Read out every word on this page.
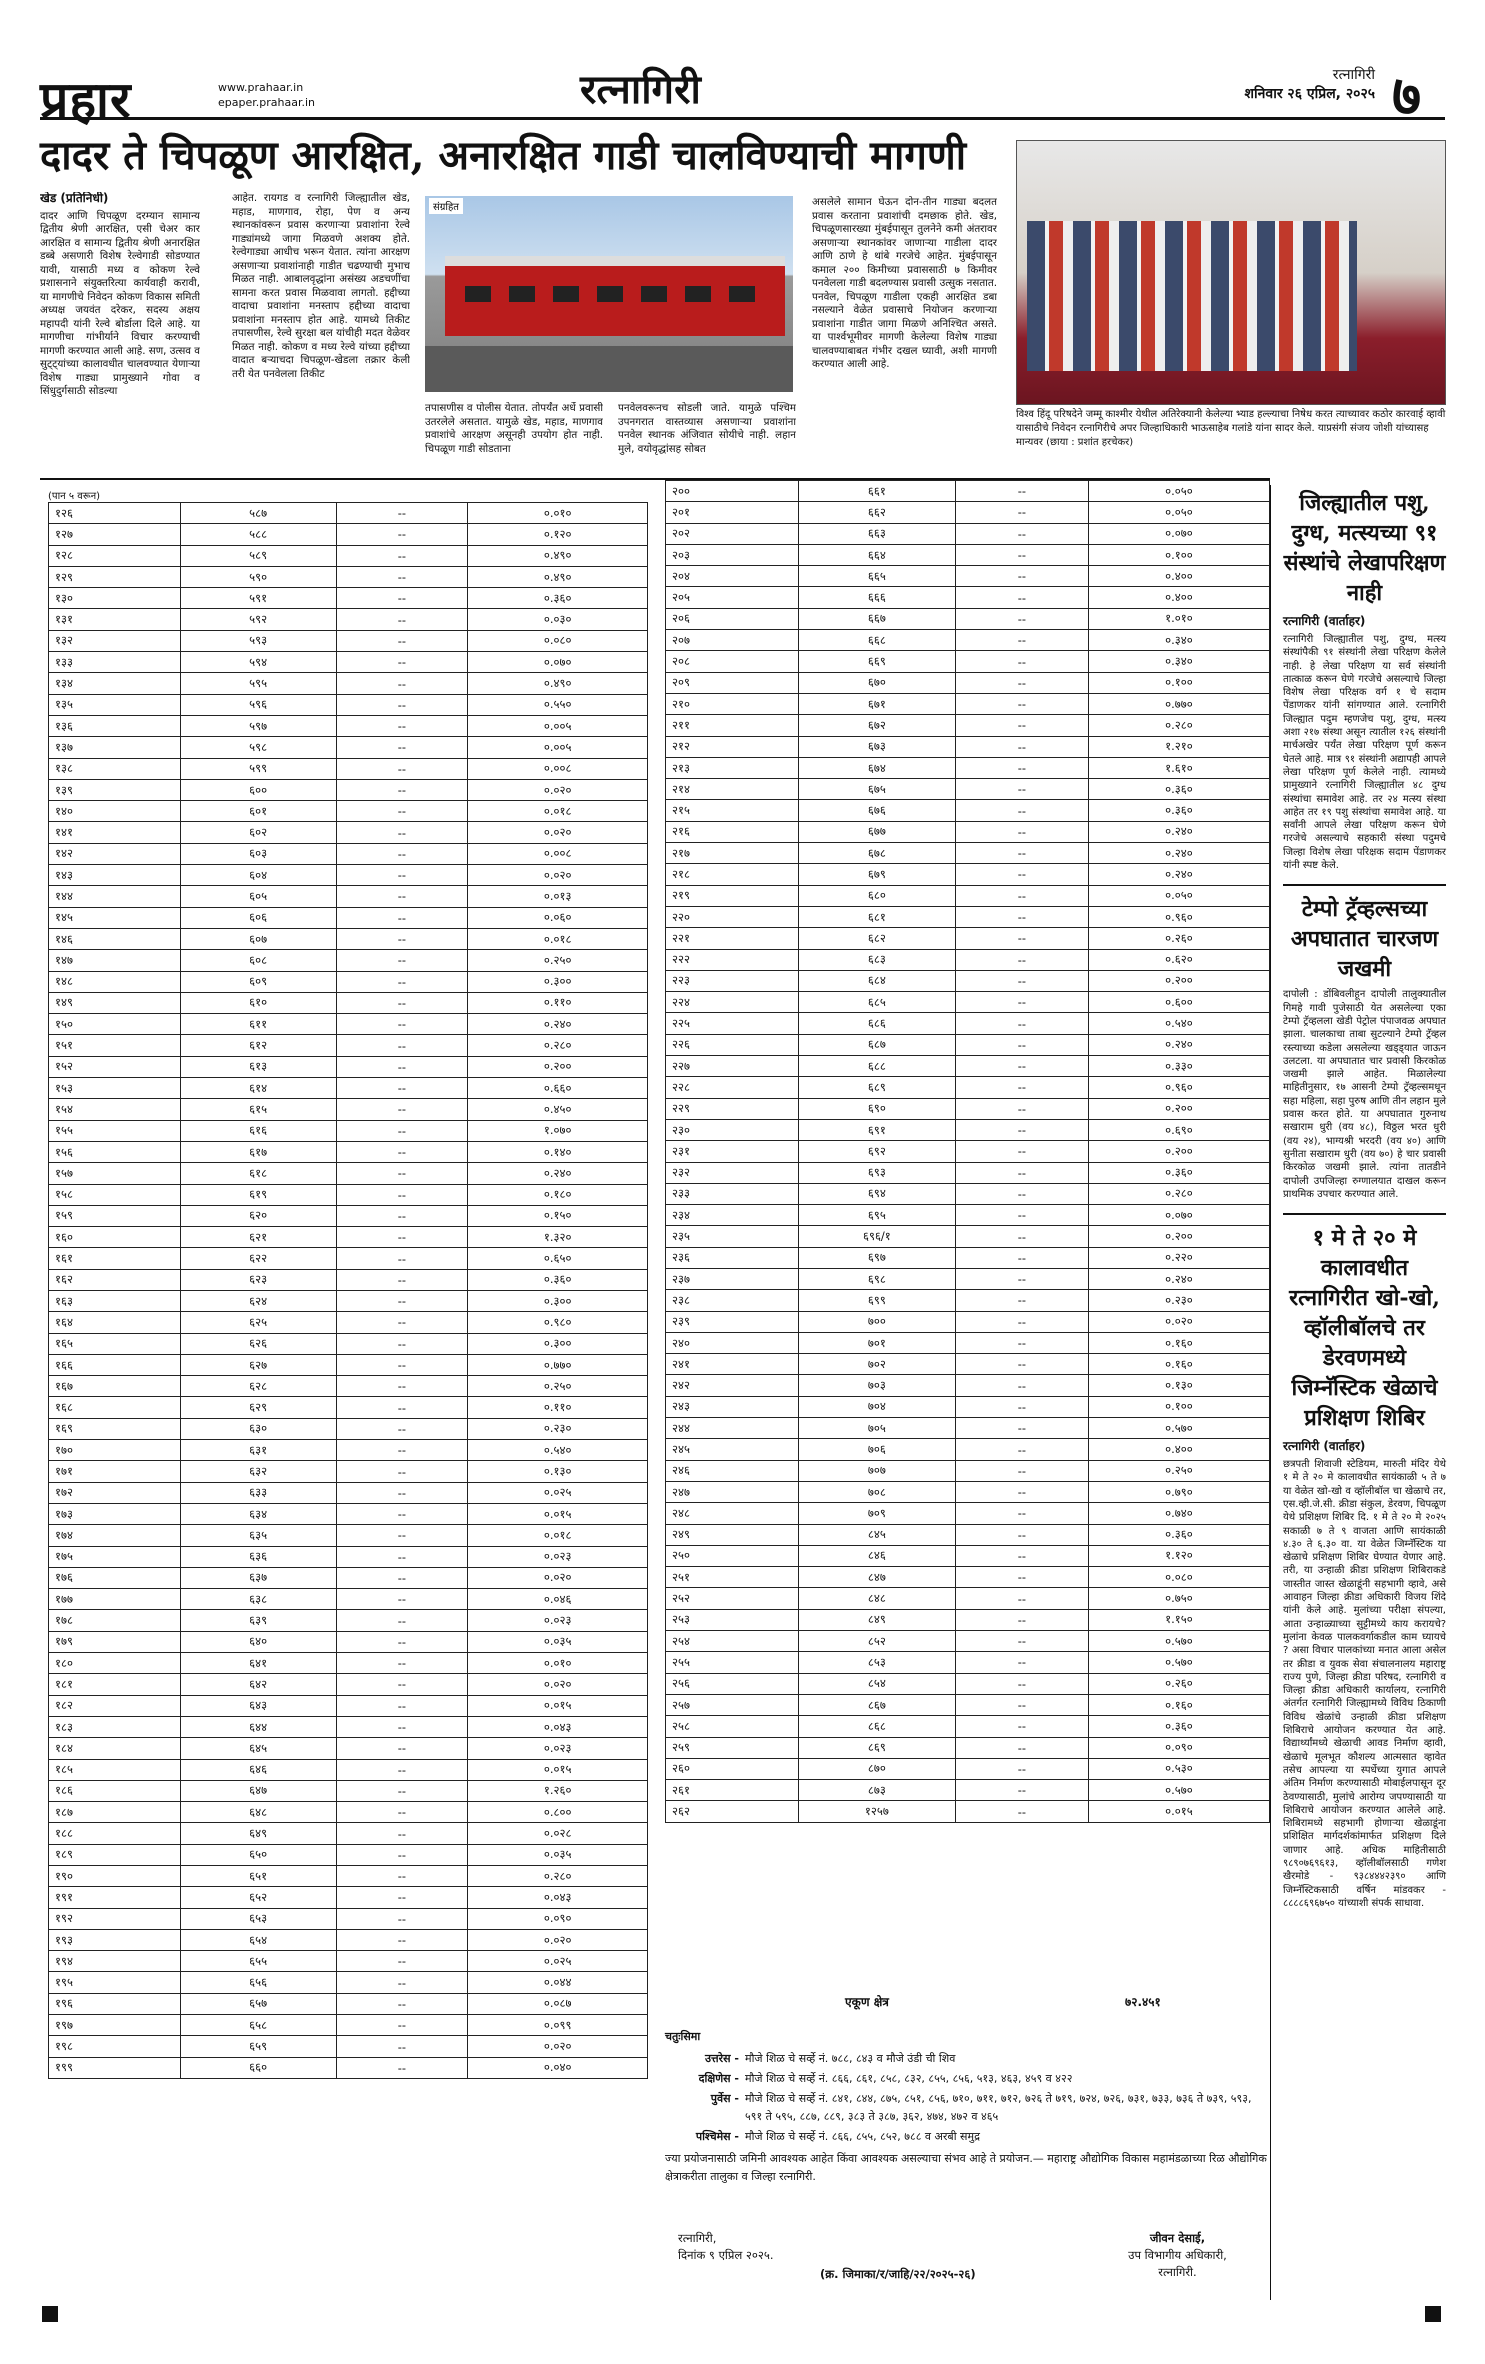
प्रहार	www.prahaar.in
epaper.prahaar.in	रत्नागिरी	रत्नागिरी
शनिवार २६ एप्रिल, २०२५ ७
दादर ते चिपळूण आरक्षित, अनारक्षित गाडी चालविण्याची मागणी
खेड (प्रतिनिधी)
दादर आणि चिपळूण दरम्यान सामान्य द्वितीय श्रेणी आरक्षित, एसी चेअर कार आरक्षित व सामान्य द्वितीय श्रेणी अनारक्षित डब्बे असणारी विशेष रेल्वेगाडी सोडण्यात यावी, यासाठी मध्य व कोकण रेल्वे प्रशासनाने संयुक्तरित्या कार्यवाही करावी, या मागणीचे निवेदन कोकण विकास समिती अध्यक्ष जयवंत दरेकर, सदस्य अक्षय महापदी यांनी रेल्वे बोर्डाला दिले आहे. या मागणीचा गांभीर्याने विचार करण्याची मागणी करण्यात आली आहे. सण, उत्सव व सुट्ट्यांच्या कालावधीत चालवण्यात येणाऱ्या विशेष गाड्या प्रामुख्याने गोवा व सिंधुदुर्गसाठी सोडल्या
आहेत. रायगड व रत्नागिरी जिल्ह्यातील खेड, महाड, माणगाव, रोहा, पेण व अन्य स्थानकांवरून प्रवास करणाऱ्या प्रवाशांना रेल्वे गाड्यांमध्ये जागा मिळवणे अशक्य होते. रेल्वेगाड्या आधीच भरून येतात. त्यांना आरक्षण असणाऱ्या प्रवाशांनाही गाडीत चढण्याची मुभाच मिळत नाही. आबालवृद्धांना असंख्य अडचणींचा सामना करत प्रवास मिळवावा लागतो. हद्दीच्या वादाचा प्रवाशांना मनस्ताप हद्दीच्या वादाचा प्रवाशांना मनस्ताप होत आहे. यामध्ये तिकीट तपासणीस, रेल्वे सुरक्षा बल यांचीही मदत वेळेवर मिळत नाही. कोकण व मध्य रेल्वे यांच्या हद्दीच्या वादात बऱ्याचदा चिपळूण-खेडला तक्रार केली तरी येत पनवेलला तिकीट
संग्रहित
तपासणीस व पोलीस येतात. तोपर्यंत अर्धे प्रवासी उतरलेले असतात. यामुळे खेड, महाड, माणगाव प्रवाशांचे आरक्षण असूनही उपयोग होत नाही. चिपळूण गाडी सोडताना
पनवेलवरूनच सोडली जाते. यामुळे पश्चिम उपनगरात वास्तव्यास असणाऱ्या प्रवाशांना पनवेल स्थानक अंजिवात सोयीचे नाही. लहान मुले, वयोवृद्धांसह सोबत
असलेले सामान घेऊन दोन-तीन गाड्या बदलत प्रवास करताना प्रवाशांची दमछाक होते. खेड, चिपळूणसारख्या मुंबईपासून तुलनेने कमी अंतरावर असणाऱ्या स्थानकांवर जाणाऱ्या गाडीला दादर आणि ठाणे हे थांबे गरजेचे आहेत. मुंबईपासून कमाल २०० किमीच्या प्रवाससाठी ७ किमीवर पनवेलला गाडी बदलण्यास प्रवासी उत्सुक नसतात. पनवेल, चिपळूण गाडीला एकही आरक्षित डबा नसल्याने वेळेत प्रवासाचे नियोजन करणाऱ्या प्रवाशांना गाडीत जागा मिळणे अनिश्चित असते. या पार्श्वभूमीवर मागणी केलेल्या विशेष गाड्या चालवण्याबाबत गंभीर दखल घ्यावी, अशी मागणी करण्यात आली आहे.
विश्व हिंदू परिषदेने जम्मू काश्मीर येथील अतिरेक्यानी केलेल्या भ्याड हल्ल्याचा निषेध करत त्याच्यावर कठोर कारवाई व्हावी यासाठीचे निवेदन रत्नागिरीचे अपर जिल्हाधिकारी भाऊसाहेब गलांडे यांना सादर केले. याप्रसंगी संजय जोशी यांच्यासह मान्यवर (छाया : प्रशांत हरचेकर)
जिल्ह्यातील पशु, दुग्ध, मत्स्यच्या ९१ संस्थांचे लेखापरिक्षण नाही
रत्नागिरी (वार्ताहर)

रत्नागिरी जिल्ह्यातील पशु, दुग्ध, मत्स्य संस्थांपैकी ९१ संस्थांनी लेखा परिक्षण केलेले नाही. हे लेखा परिक्षण या सर्व संस्थांनी तात्काळ करून घेणे गरजेचे असल्याचे जिल्हा विशेष लेखा परिक्षक वर्ग १ चे सदाम पेंडाणकर यांनी सांगण्यात आले. रत्नागिरी जिल्ह्यात पदुम म्हणजेच पशु, दुग्ध, मत्स्य अशा २१७ संस्था असून त्यातील १२६ संस्थांनी मार्चअखेर पर्यंत लेखा परिक्षण पूर्ण करून घेतले आहे. मात्र ९१ संस्थांनी अद्यापही आपले लेखा परिक्षण पूर्ण केलेले नाही. त्यामध्ये प्रामुख्याने रत्नागिरी जिल्ह्यातील ४८ दुग्ध संस्थांचा समावेश आहे. तर २४ मत्स्य संस्था आहेत तर १९ पशु संस्थांचा समावेश आहे. या सर्वांनी आपले लेखा परिक्षण करून घेणे गरजेचे असल्याचे सहकारी संस्था पदुमचे जिल्हा विशेष लेखा परिक्षक सदाम पेंडाणकर यांनी स्पष्ट केले.

टेम्पो ट्रॅव्हल्सच्या अपघातात चारजण जखमी

दापोली : डोंबिवलीहून दापोली तालुक्यातील गिमहे गावी पुजेसाठी येत असलेल्या एका टेम्पो ट्रॅव्हलला खेडी पेट्रोल पंपाजवळ अपघात झाला. चालकाचा ताबा सुटल्याने टेम्पो ट्रॅव्हल रस्त्याच्या कडेला असलेल्या खड्ड्यात जाऊन उलटला. या अपघातात चार प्रवासी किरकोळ जखमी झाले आहेत. मिळालेल्या माहितीनुसार, १७ आसनी टेम्पो ट्रॅव्हल्समधून सहा महिला, सहा पुरुष आणि तीन लहान मुले प्रवास करत होते. या अपघातात गुरुनाथ सखाराम धुरी (वय ४८), विठ्ठल भरत धुरी (वय २४), भाग्यश्री भरदरी (वय ४०) आणि सुनीता सखाराम धुरी (वय ७०) हे चार प्रवासी किरकोळ जखमी झाले. त्यांना तातडीने दापोली उपजिल्हा रुग्णालयात दाखल करून प्राथमिक उपचार करण्यात आले.

१ मे ते २० मे कालावधीत रत्नागिरीत खो-खो, व्हॉलीबॉलचे तर डेरवणमध्ये जिम्नॅस्टिक खेळाचे प्रशिक्षण शिबिर
रत्नागिरी (वार्ताहर)

छत्रपती शिवाजी स्टेडियम, मारुती मंदिर येथे १ मे ते २० मे कालावधीत सायंकाळी ५ ते ७ या वेळेत खो-खो व व्हॉलीबॉल चा खेळाचे तर, एस.व्ही.जे.सी. क्रीडा संकुल, डेरवण, चिपळूण येथे प्रशिक्षण शिबिर दि. १ मे ते २० मे २०२५ सकाळी ७ ते ९ वाजता आणि सायंकाळी ४.३० ते ६.३० वा. या वेळेत जिम्नॅस्टिक या खेळाचे प्रशिक्षण शिबिर घेण्यात येणार आहे. तरी, या उन्हाळी क्रीडा प्रशिक्षण शिबिराकडे जास्तीत जास्त खेळाडूंनी सहभागी व्हावे, असे आवाहन जिल्हा क्रीडा अधिकारी विजय शिंदे यांनी केले आहे. मुलांच्या परीक्षा संपल्या, आता उन्हाळ्याच्या सुट्टीमध्ये काय करायचे? मुलांना केवळ पालकवर्गाकडील काम घ्यायचे ? असा विचार पालकांच्या मनात आला असेल तर क्रीडा व युवक सेवा संचालनालय महाराष्ट्र राज्य पुणे, जिल्हा क्रीडा परिषद, रत्नागिरी व जिल्हा क्रीडा अधिकारी कार्यालय, रत्नागिरी अंतर्गत रत्नागिरी जिल्ह्यामध्ये विविध ठिकाणी विविध खेळांचे उन्हाळी क्रीडा प्रशिक्षण शिबिराचे आयोजन करण्यात येत आहे. विद्यार्थ्यांमध्ये खेळाची आवड निर्माण व्हावी, खेळाचे मूलभूत कौशल्य आत्मसात व्हावेत तसेच आपल्या या स्पर्धेच्या युगात आपले अंतिम निर्माण करण्यासाठी मोबाईलपासून दूर ठेवण्यासाठी, मुलांचे आरोग्य जपण्यासाठी या शिबिराचे आयोजन करण्यात आलेले आहे. शिबिरामध्ये सहभागी होणाऱ्या खेळाडूंना प्रशिक्षित मार्गदर्शकांमार्फत प्रशिक्षण दिले जाणार आहे. अधिक माहितीसाठी ९८९०७६९६१३, व्हॉलीबॉलसाठी गणेश खैरमोडे - ९३८४४४२३९० आणि जिम्नॅस्टिकसाठी वर्षिन मांडवकर - ८८८८६९६७५० यांच्याशी संपर्क साधावा.

(पान ५ वरून)
१२६	५८७	--	०.०१०
१२७	५८८	--	०.१२०
१२८	५८९	--	०.४९०
१२९	५९०	--	०.४९०
१३०	५९१	--	०.३६०
१३१	५९२	--	०.०३०
१३२	५९३	--	०.०८०
१३३	५९४	--	०.०७०
१३४	५९५	--	०.४९०
१३५	५९६	--	०.५५०
१३६	५९७	--	०.००५
१३७	५९८	--	०.००५
१३८	५९९	--	०.००८
१३९	६००	--	०.०२०
१४०	६०१	--	०.०१८
१४१	६०२	--	०.०२०
१४२	६०३	--	०.००८
१४३	६०४	--	०.०२०
१४४	६०५	--	०.०१३
१४५	६०६	--	०.०६०
१४६	६०७	--	०.०१८
१४७	६०८	--	०.२५०
१४८	६०९	--	०.३००
१४९	६१०	--	०.११०
१५०	६११	--	०.२४०
१५१	६१२	--	०.२८०
१५२	६१३	--	०.२००
१५३	६१४	--	०.६६०
१५४	६१५	--	०.४५०
१५५	६१६	--	१.०७०
१५६	६१७	--	०.१४०
१५७	६१८	--	०.२४०
१५८	६१९	--	०.१८०
१५९	६२०	--	०.१५०
१६०	६२१	--	१.३२०
१६१	६२२	--	०.६५०
१६२	६२३	--	०.३६०
१६३	६२४	--	०.३००
१६४	६२५	--	०.९८०
१६५	६२६	--	०.३००
१६६	६२७	--	०.७७०
१६७	६२८	--	०.२५०
१६८	६२९	--	०.११०
१६९	६३०	--	०.२३०
१७०	६३१	--	०.५४०
१७१	६३२	--	०.१३०
१७२	६३३	--	०.०२५
१७३	६३४	--	०.०१५
१७४	६३५	--	०.०१८
१७५	६३६	--	०.०२३
१७६	६३७	--	०.०२०
१७७	६३८	--	०.०४६
१७८	६३९	--	०.०२३
१७९	६४०	--	०.०३५
१८०	६४१	--	०.०१०
१८१	६४२	--	०.०२०
१८२	६४३	--	०.०१५
१८३	६४४	--	०.०४३
१८४	६४५	--	०.०२३
१८५	६४६	--	०.०१५
१८६	६४७	--	१.२६०
१८७	६४८	--	०.८००
१८८	६४९	--	०.०२८
१८९	६५०	--	०.०३५
१९०	६५१	--	०.२८०
१९१	६५२	--	०.०४३
१९२	६५३	--	०.०९०
१९३	६५४	--	०.०२०
१९४	६५५	--	०.०२५
१९५	६५६	--	०.०४४
१९६	६५७	--	०.०८७
१९७	६५८	--	०.०९९
१९८	६५९	--	०.०२०
१९९	६६०	--	०.०४०
२००	६६१	--	०.०५०
२०१	६६२	--	०.०५०
२०२	६६३	--	०.०७०
२०३	६६४	--	०.१००
२०४	६६५	--	०.४००
२०५	६६६	--	०.४००
२०६	६६७	--	१.०१०
२०७	६६८	--	०.३४०
२०८	६६९	--	०.३४०
२०९	६७०	--	०.१००
२१०	६७१	--	०.७७०
२११	६७२	--	०.२८०
२१२	६७३	--	१.२१०
२१३	६७४	--	१.६१०
२१४	६७५	--	०.३६०
२१५	६७६	--	०.३६०
२१६	६७७	--	०.२४०
२१७	६७८	--	०.२४०
२१८	६७९	--	०.२४०
२१९	६८०	--	०.०५०
२२०	६८१	--	०.९६०
२२१	६८२	--	०.२६०
२२२	६८३	--	०.६२०
२२३	६८४	--	०.२००
२२४	६८५	--	०.६००
२२५	६८६	--	०.५४०
२२६	६८७	--	०.२४०
२२७	६८८	--	०.३३०
२२८	६८९	--	०.९६०
२२९	६९०	--	०.२००
२३०	६९१	--	०.६९०
२३१	६९२	--	०.२००
२३२	६९३	--	०.३६०
२३३	६९४	--	०.२८०
२३४	६९५	--	०.०७०
२३५	६९६/१	--	०.२००
२३६	६९७	--	०.२२०
२३७	६९८	--	०.२४०
२३८	६९९	--	०.२३०
२३९	७००	--	०.०२०
२४०	७०१	--	०.१६०
२४१	७०२	--	०.१६०
२४२	७०३	--	०.१३०
२४३	७०४	--	०.१००
२४४	७०५	--	०.५७०
२४५	७०६	--	०.४००
२४६	७०७	--	०.२५०
२४७	७०८	--	०.७९०
२४८	७०९	--	०.७४०
२४९	८४५	--	०.३६०
२५०	८४६	--	१.१२०
२५१	८४७	--	०.०८०
२५२	८४८	--	०.७५०
२५३	८४९	--	१.१५०
२५४	८५२	--	०.५७०
२५५	८५३	--	०.५७०
२५६	८५४	--	०.२६०
२५७	८६७	--	०.१६०
२५८	८६८	--	०.३६०
२५९	८६९	--	०.०९०
२६०	८७०	--	०.५३०
२६१	८७३	--	०.५७०
२६२	१२५७	--	०.०१५
एकूण क्षेत्र	७२.४५१
चतुःसिमा
उत्तरेस - मौजे शिळ चे सर्व्हे नं. ७८८, ८४३ व मौजे उंडी ची शिव
दक्षिणेस - मौजे शिळ चे सर्व्हे नं. ८६६, ८६१, ८५८, ८३२, ८५५, ८५६, ५१३, ४६३, ४५९ व ४२२
पुर्वेस - मौजे शिळ चे सर्व्हे नं. ८४१, ८४४, ८७५, ८५१, ८५६, ७१०, ७११, ७१२, ७२६ ते ७१९, ७२४, ७२६, ७३१, ७३३, ७३६ ते ७३९, ५९३, ५९१ ते ५९५, ८८७, ८८९, ३८३ ते ३८७, ३६२, ४७४, ४७२ व ४६५
पश्चिमेस - मौजे शिळ चे सर्व्हे नं. ८६६, ८५५, ८५२, ७८८ व अरबी समुद्र
ज्या प्रयोजनासाठी जमिनी आवश्यक आहेत किंवा आवश्यक असल्याचा संभव आहे ते प्रयोजन.— महाराष्ट्र औद्योगिक विकास महामंडळाच्या रिळ औद्योगिक क्षेत्राकरीता तालुका व जिल्हा रत्नागिरी.
रत्नागिरी,
दिनांक ९ एप्रिल २०२५.
(क्र. जिमाका/र/जाहि/२२/२०२५-२६)
जीवन देसाई,
उप विभागीय अधिकारी,
रत्नागिरी.
